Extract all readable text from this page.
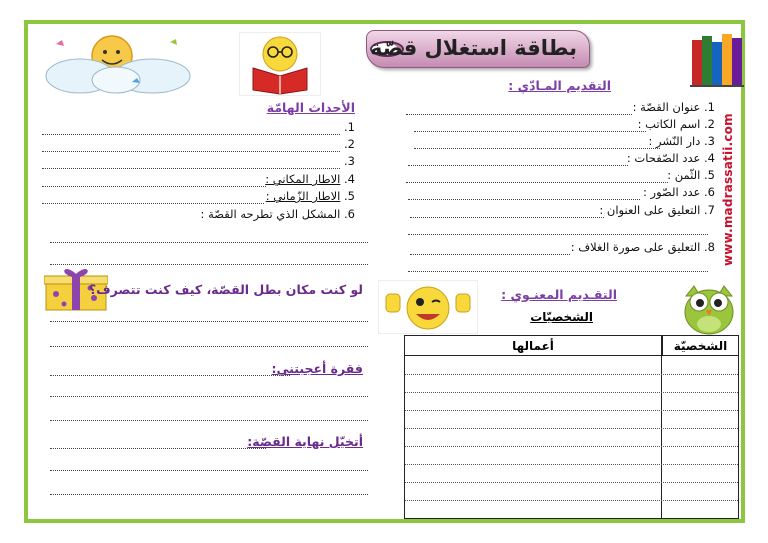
بطاقة استغلال قصّة
www.madrassatii.com
التقديم المـادّي :
1. عنوان القصّة :
2. اسم الكاتب :
3. دار النّشر :
4. عدد الصّفحات :
5. الثّمن :
6. عدد الصّور :
7. التعليق على العنوان :
8. التعليق على صورة الغلاف :
الأحداث الهامّة
1.
2.
3.
4. الاطار المكاني :
5. الاطار الزّماني :
6. المشكل الذي تطرحه القصّة :
لو كنت مكان بطل القصّة، كيف كنت تتصرف؟
فقرة أعجبتني:
أتخيّل نهاية القصّة:
التقـديم المعنـوي :
الشخصيّات
الشخصيّة
أعمالها
